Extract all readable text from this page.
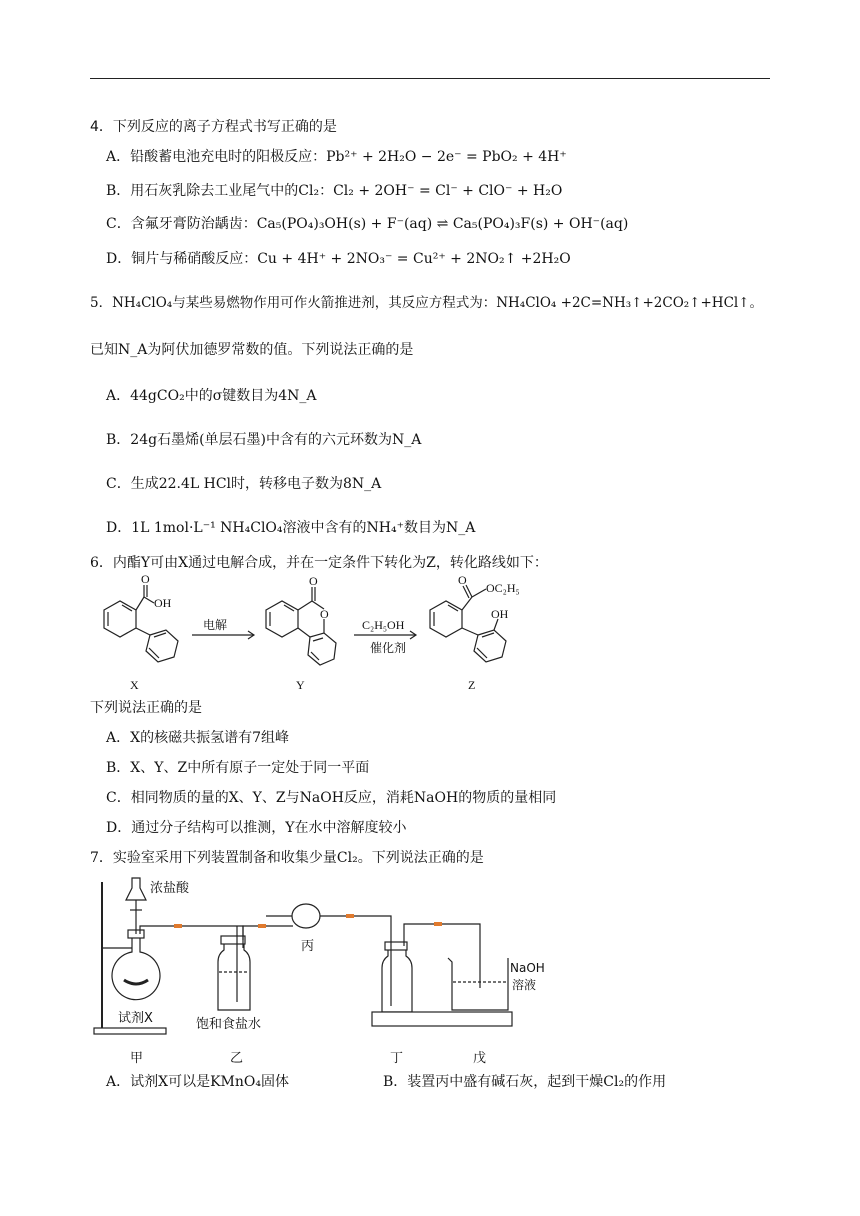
4．下列反应的离子方程式书写正确的是
A．铅酸蓄电池充电时的阳极反应：Pb²⁺ + 2H₂O − 2e⁻ = PbO₂ + 4H⁺
B．用石灰乳除去工业尾气中的Cl₂：Cl₂ + 2OH⁻ = Cl⁻ + ClO⁻ + H₂O
C．含氟牙膏防治龋齿：Ca₅(PO₄)₃OH(s) + F⁻(aq) ⇌ Ca₅(PO₄)₃F(s) + OH⁻(aq)
D．铜片与稀硝酸反应：Cu + 4H⁺ + 2NO₃⁻ = Cu²⁺ + 2NO₂↑ +2H₂O
5．NH₄ClO₄与某些易燃物作用可作火箭推进剂，其反应方程式为：NH₄ClO₄ +2C=NH₃↑+2CO₂↑+HCl↑。
已知N_A为阿伏加德罗常数的值。下列说法正确的是
A．44gCO₂中的σ键数目为4N_A
B．24g石墨烯(单层石墨)中含有的六元环数为N_A
C．生成22.4L HCl时，转移电子数为8N_A
D．1L 1mol·L⁻¹ NH₄ClO₄溶液中含有的NH₄⁺数目为N_A
6．内酯Y可由X通过电解合成，并在一定条件下转化为Z，转化路线如下：
O
OH
O
O
O
OC₂H₅
OH
电解	C₂H₅OH
催化剂
X	Y	Z
下列说法正确的是
A．X的核磁共振氢谱有7组峰
B．X、Y、Z中所有原子一定处于同一平面
C．相同物质的量的X、Y、Z与NaOH反应，消耗NaOH的物质的量相同
D．通过分子结构可以推测，Y在水中溶解度较小
7．实验室采用下列装置制备和收集少量Cl₂。下列说法正确的是
浓盐酸
试剂X	饱和食盐水
丙
NaOH
溶液
甲	乙	丁	戊
A．试剂X可以是KMnO₄固体	B．装置丙中盛有碱石灰，起到干燥Cl₂的作用
